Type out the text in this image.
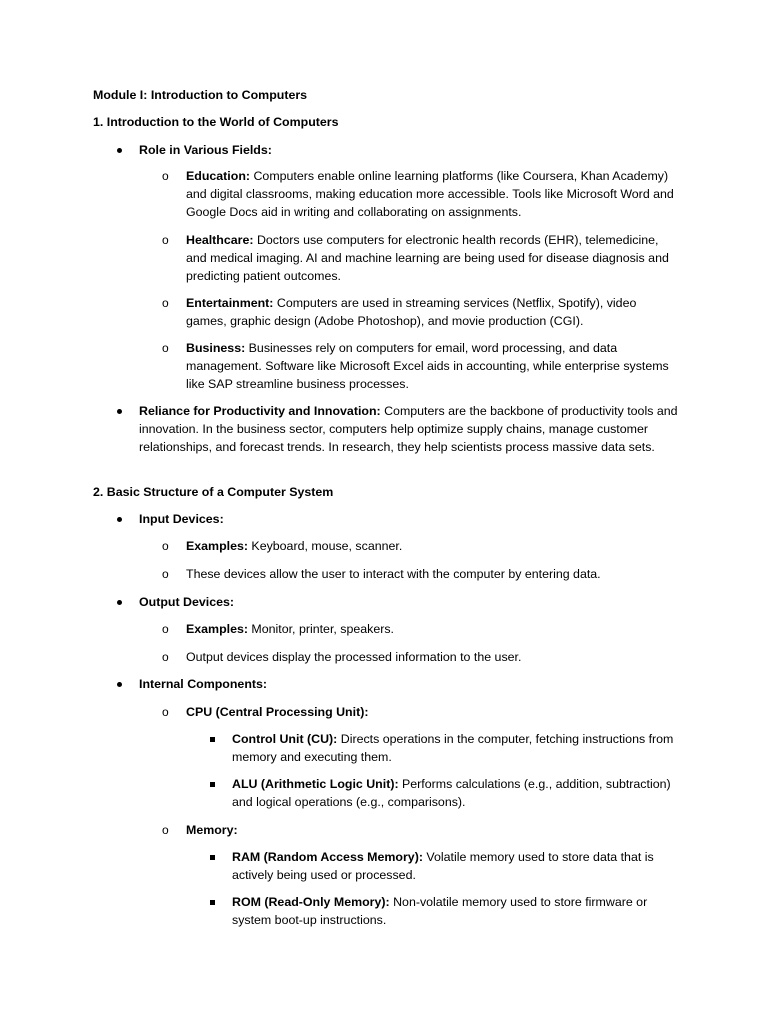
Module I: Introduction to Computers
1. Introduction to the World of Computers
Role in Various Fields:
o Education: Computers enable online learning platforms (like Coursera, Khan Academy) and digital classrooms, making education more accessible. Tools like Microsoft Word and Google Docs aid in writing and collaborating on assignments.
o Healthcare: Doctors use computers for electronic health records (EHR), telemedicine, and medical imaging. AI and machine learning are being used for disease diagnosis and predicting patient outcomes.
o Entertainment: Computers are used in streaming services (Netflix, Spotify), video games, graphic design (Adobe Photoshop), and movie production (CGI).
o Business: Businesses rely on computers for email, word processing, and data management. Software like Microsoft Excel aids in accounting, while enterprise systems like SAP streamline business processes.
Reliance for Productivity and Innovation: Computers are the backbone of productivity tools and innovation. In the business sector, computers help optimize supply chains, manage customer relationships, and forecast trends. In research, they help scientists process massive data sets.
2. Basic Structure of a Computer System
Input Devices:
o Examples: Keyboard, mouse, scanner.
o These devices allow the user to interact with the computer by entering data.
Output Devices:
o Examples: Monitor, printer, speakers.
o Output devices display the processed information to the user.
Internal Components:
o CPU (Central Processing Unit):
Control Unit (CU): Directs operations in the computer, fetching instructions from memory and executing them.
ALU (Arithmetic Logic Unit): Performs calculations (e.g., addition, subtraction) and logical operations (e.g., comparisons).
o Memory:
RAM (Random Access Memory): Volatile memory used to store data that is actively being used or processed.
ROM (Read-Only Memory): Non-volatile memory used to store firmware or system boot-up instructions.
